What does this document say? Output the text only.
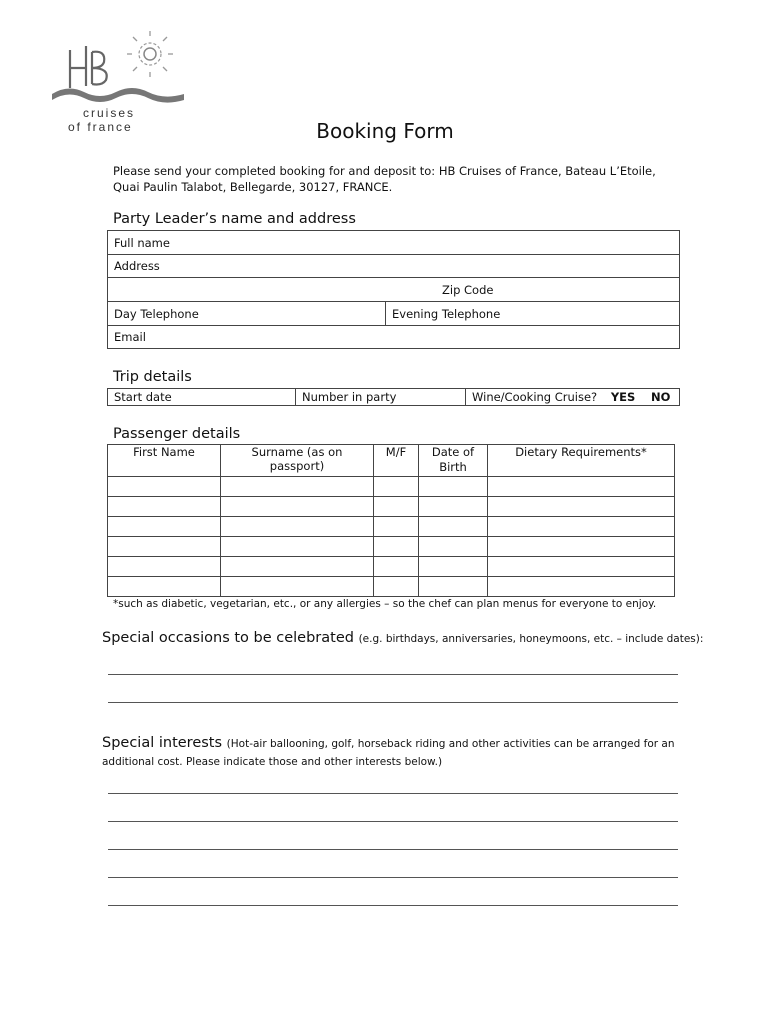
cruises
of france	Booking Form
Please send your completed booking for and deposit to: HB Cruises of France, Bateau L’Etoile, Quai Paulin Talabot, Bellegarde, 30127, FRANCE.
Party Leader’s name and address
Full name
Address
Zip Code
Day Telephone	Evening Telephone
Email
Trip details
Start date	Number in party	Wine/Cooking Cruise? YES NO
Passenger details
First Name	Surname (as on passport)	M/F	Date of Birth	Dietary Requirements*

*such as diabetic, vegetarian, etc., or any allergies – so the chef can plan menus for everyone to enjoy.
Special occasions to be celebrated (e.g. birthdays, anniversaries, honeymoons, etc. – include dates):
Special interests (Hot-air ballooning, golf, horseback riding and other activities can be arranged for an additional cost. Please indicate those and other interests below.)
